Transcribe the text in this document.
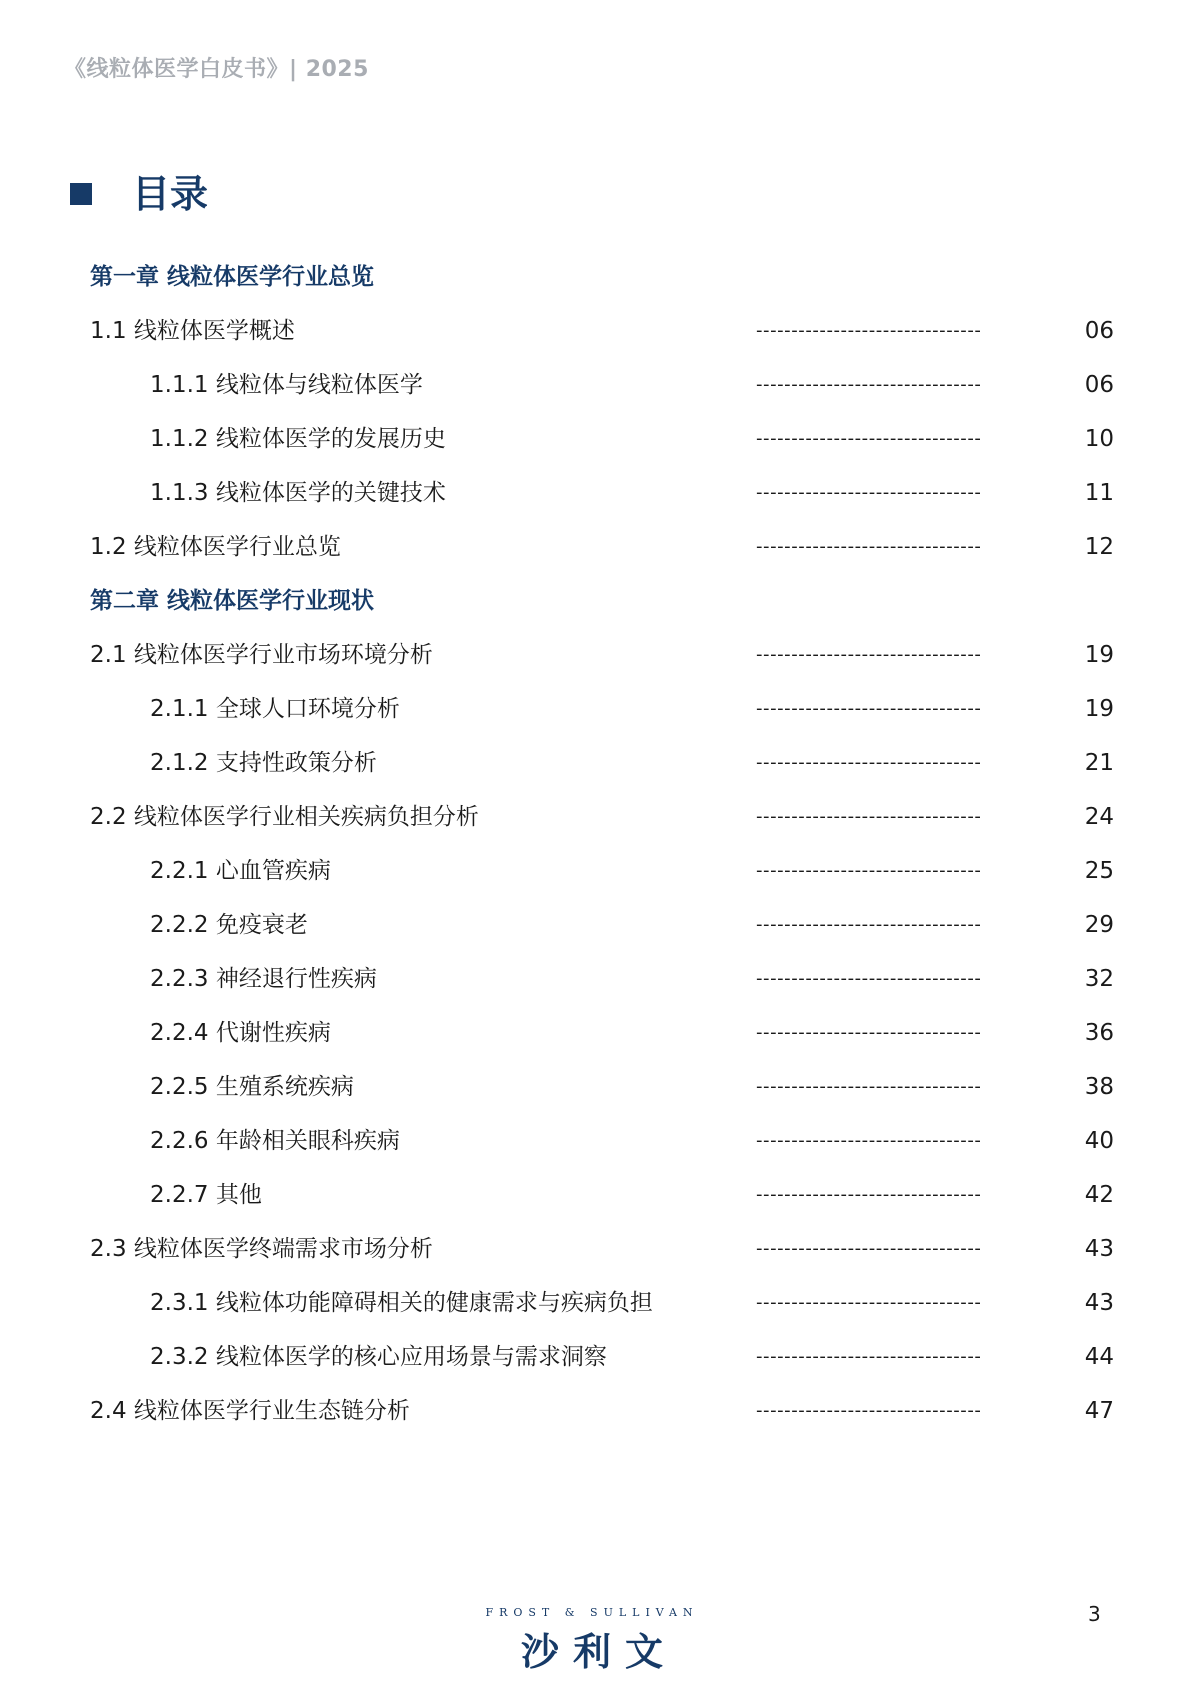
《线粒体医学白皮书》| 2025
目录
第一章 线粒体医学行业总览
1.1 线粒体医学概述	--------------------------------	06
1.1.1 线粒体与线粒体医学	--------------------------------	06
1.1.2 线粒体医学的发展历史	--------------------------------	10
1.1.3 线粒体医学的关键技术	--------------------------------	11
1.2 线粒体医学行业总览	--------------------------------	12
第二章 线粒体医学行业现状
2.1 线粒体医学行业市场环境分析	--------------------------------	19
2.1.1 全球人口环境分析	--------------------------------	19
2.1.2 支持性政策分析	--------------------------------	21
2.2 线粒体医学行业相关疾病负担分析	--------------------------------	24
2.2.1 心血管疾病	--------------------------------	25
2.2.2 免疫衰老	--------------------------------	29
2.2.3 神经退行性疾病	--------------------------------	32
2.2.4 代谢性疾病	--------------------------------	36
2.2.5 生殖系统疾病	--------------------------------	38
2.2.6 年龄相关眼科疾病	--------------------------------	40
2.2.7 其他	--------------------------------	42
2.3 线粒体医学终端需求市场分析	--------------------------------	43
2.3.1 线粒体功能障碍相关的健康需求与疾病负担	--------------------------------	43
2.3.2 线粒体医学的核心应用场景与需求洞察	--------------------------------	44
2.4 线粒体医学行业生态链分析	--------------------------------	47
FROST & SULLIVAN
沙利文
3
